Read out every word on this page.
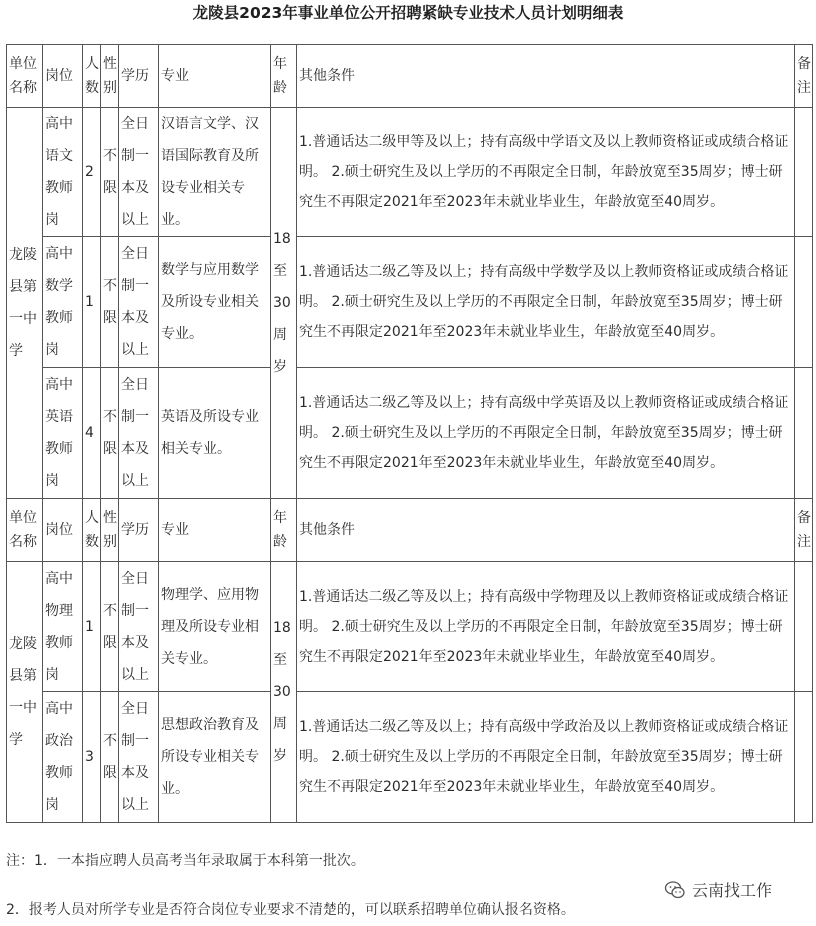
龙陵县2023年事业单位公开招聘紧缺专业技术人员计划明细表
单位名称	岗位	人数	性别	学历	专业	年龄	其他条件	备注
龙陵县第一中学	高中语文教师岗	2	不限	全日制一本及以上	汉语言文学、汉语国际教育及所设专业相关专业。	18至30周岁	1.普通话达二级甲等及以上；持有高级中学语文及以上教师资格证或成绩合格证明。 2.硕士研究生及以上学历的不再限定全日制，年龄放宽至35周岁；博士研究生不再限定2021年至2023年未就业毕业生，年龄放宽至40周岁。	
	高中数学教师岗	1	不限	全日制一本及以上	数学与应用数学及所设专业相关专业。		1.普通话达二级乙等及以上；持有高级中学数学及以上教师资格证或成绩合格证明。 2.硕士研究生及以上学历的不再限定全日制，年龄放宽至35周岁；博士研究生不再限定2021年至2023年未就业毕业生，年龄放宽至40周岁。	
	高中英语教师岗	4	不限	全日制一本及以上	英语及所设专业相关专业。		1.普通话达二级乙等及以上；持有高级中学英语及以上教师资格证或成绩合格证明。 2.硕士研究生及以上学历的不再限定全日制，年龄放宽至35周岁；博士研究生不再限定2021年至2023年未就业毕业生，年龄放宽至40周岁。	
单位名称	岗位	人数	性别	学历	专业	年龄	其他条件	备注
龙陵县第一中学	高中物理教师岗	1	不限	全日制一本及以上	物理学、应用物理及所设专业相关专业。	18至30周岁	1.普通话达二级乙等及以上；持有高级中学物理及以上教师资格证或成绩合格证明。 2.硕士研究生及以上学历的不再限定全日制，年龄放宽至35周岁；博士研究生不再限定2021年至2023年未就业毕业生，年龄放宽至40周岁。	
	高中政治教师岗	3	不限	全日制一本及以上	思想政治教育及所设专业相关专业。		1.普通话达二级乙等及以上；持有高级中学政治及以上教师资格证或成绩合格证明。 2.硕士研究生及以上学历的不再限定全日制，年龄放宽至35周岁；博士研究生不再限定2021年至2023年未就业毕业生，年龄放宽至40周岁。	
注：1．一本指应聘人员高考当年录取属于本科第一批次。
2．报考人员对所学专业是否符合岗位专业要求不清楚的，可以联系招聘单位确认报名资格。
云南找工作
